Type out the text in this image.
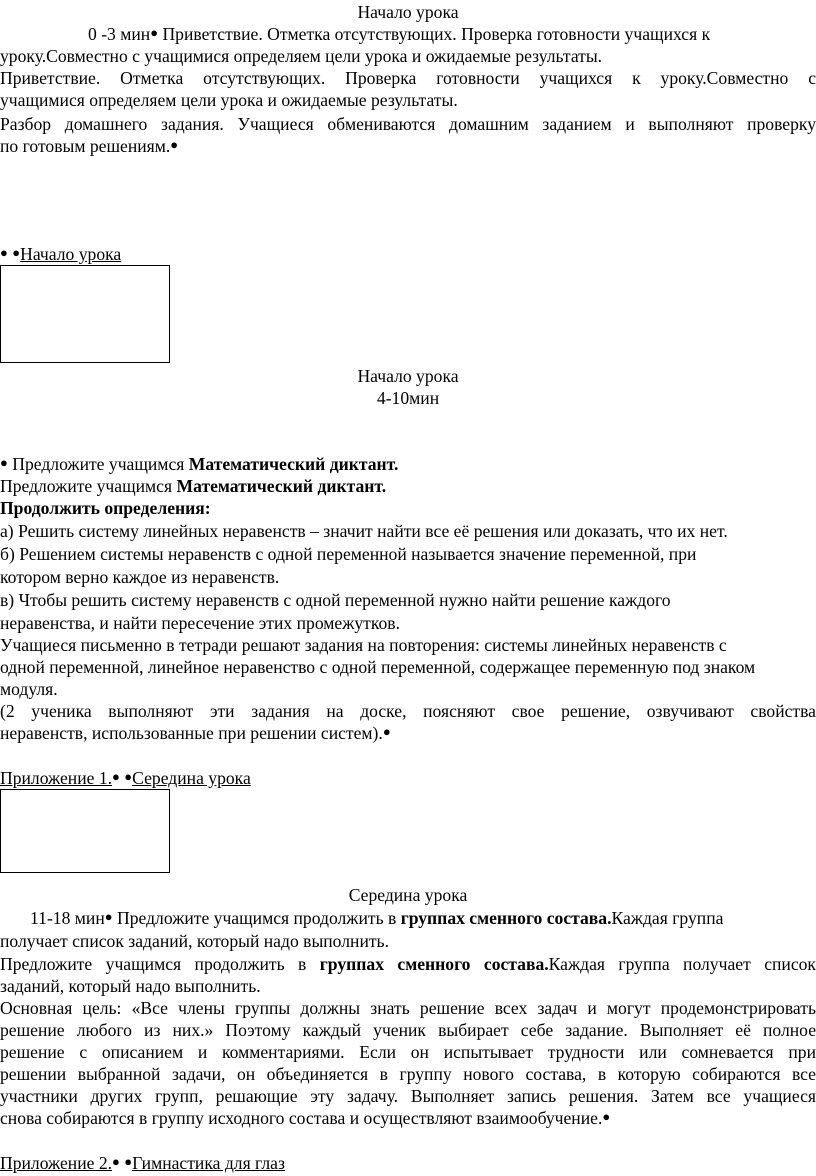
Начало урока
0 -3 мин● Приветствие. Отметка отсутствующих. Проверка готовности учащихся к
уроку.Совместно с учащимися определяем цели урока и ожидаемые результаты.
Приветствие. Отметка отсутствующих. Проверка готовности учащихся к уроку.Совместно с
учащимися определяем цели урока и ожидаемые результаты.
Разбор домашнего задания. Учащиеся обмениваются домашним заданием и выполняют проверку
по готовым решениям.●
● ●Начало урока
Начало урока
4-10мин
● Предложите учащимся Математический диктант.
Предложите учащимся Математический диктант.
Продолжить определения:
а) Решить систему линейных неравенств – значит найти все её решения или доказать, что их нет.
б) Решением системы неравенств с одной переменной называется значение переменной, при
котором верно каждое из неравенств.
в) Чтобы решить систему неравенств с одной переменной нужно найти решение каждого
неравенства, и найти пересечение этих промежутков.
Учащиеся письменно в тетради решают задания на повторения: системы линейных неравенств с
одной переменной, линейное неравенство с одной переменной, содержащее переменную под знаком
модуля.
(2 ученика выполняют эти задания на доске, поясняют свое решение, озвучивают свойства
неравенств, использованные при решении систем).●
Приложение 1.● ●Середина урока
Середина урока
11-18 мин● Предложите учащимся продолжить в группах сменного состава.Каждая группа
получает список заданий, который надо выполнить.
Предложите учащимся продолжить в группах сменного состава.Каждая группа получает список
заданий, который надо выполнить.
Основная цель: «Все члены группы должны знать решение всех задач и могут продемонстрировать
решение любого из них.» Поэтому каждый ученик выбирает себе задание. Выполняет её полное
решение с описанием и комментариями. Если он испытывает трудности или сомневается при
решении выбранной задачи, он объединяется в группу нового состава, в которую собираются все
участники других групп, решающие эту задачу. Выполняет запись решения. Затем все учащиеся
снова собираются в группу исходного состава и осуществляют взаимообучение.●
Приложение 2.● ●Гимнастика для глаз
